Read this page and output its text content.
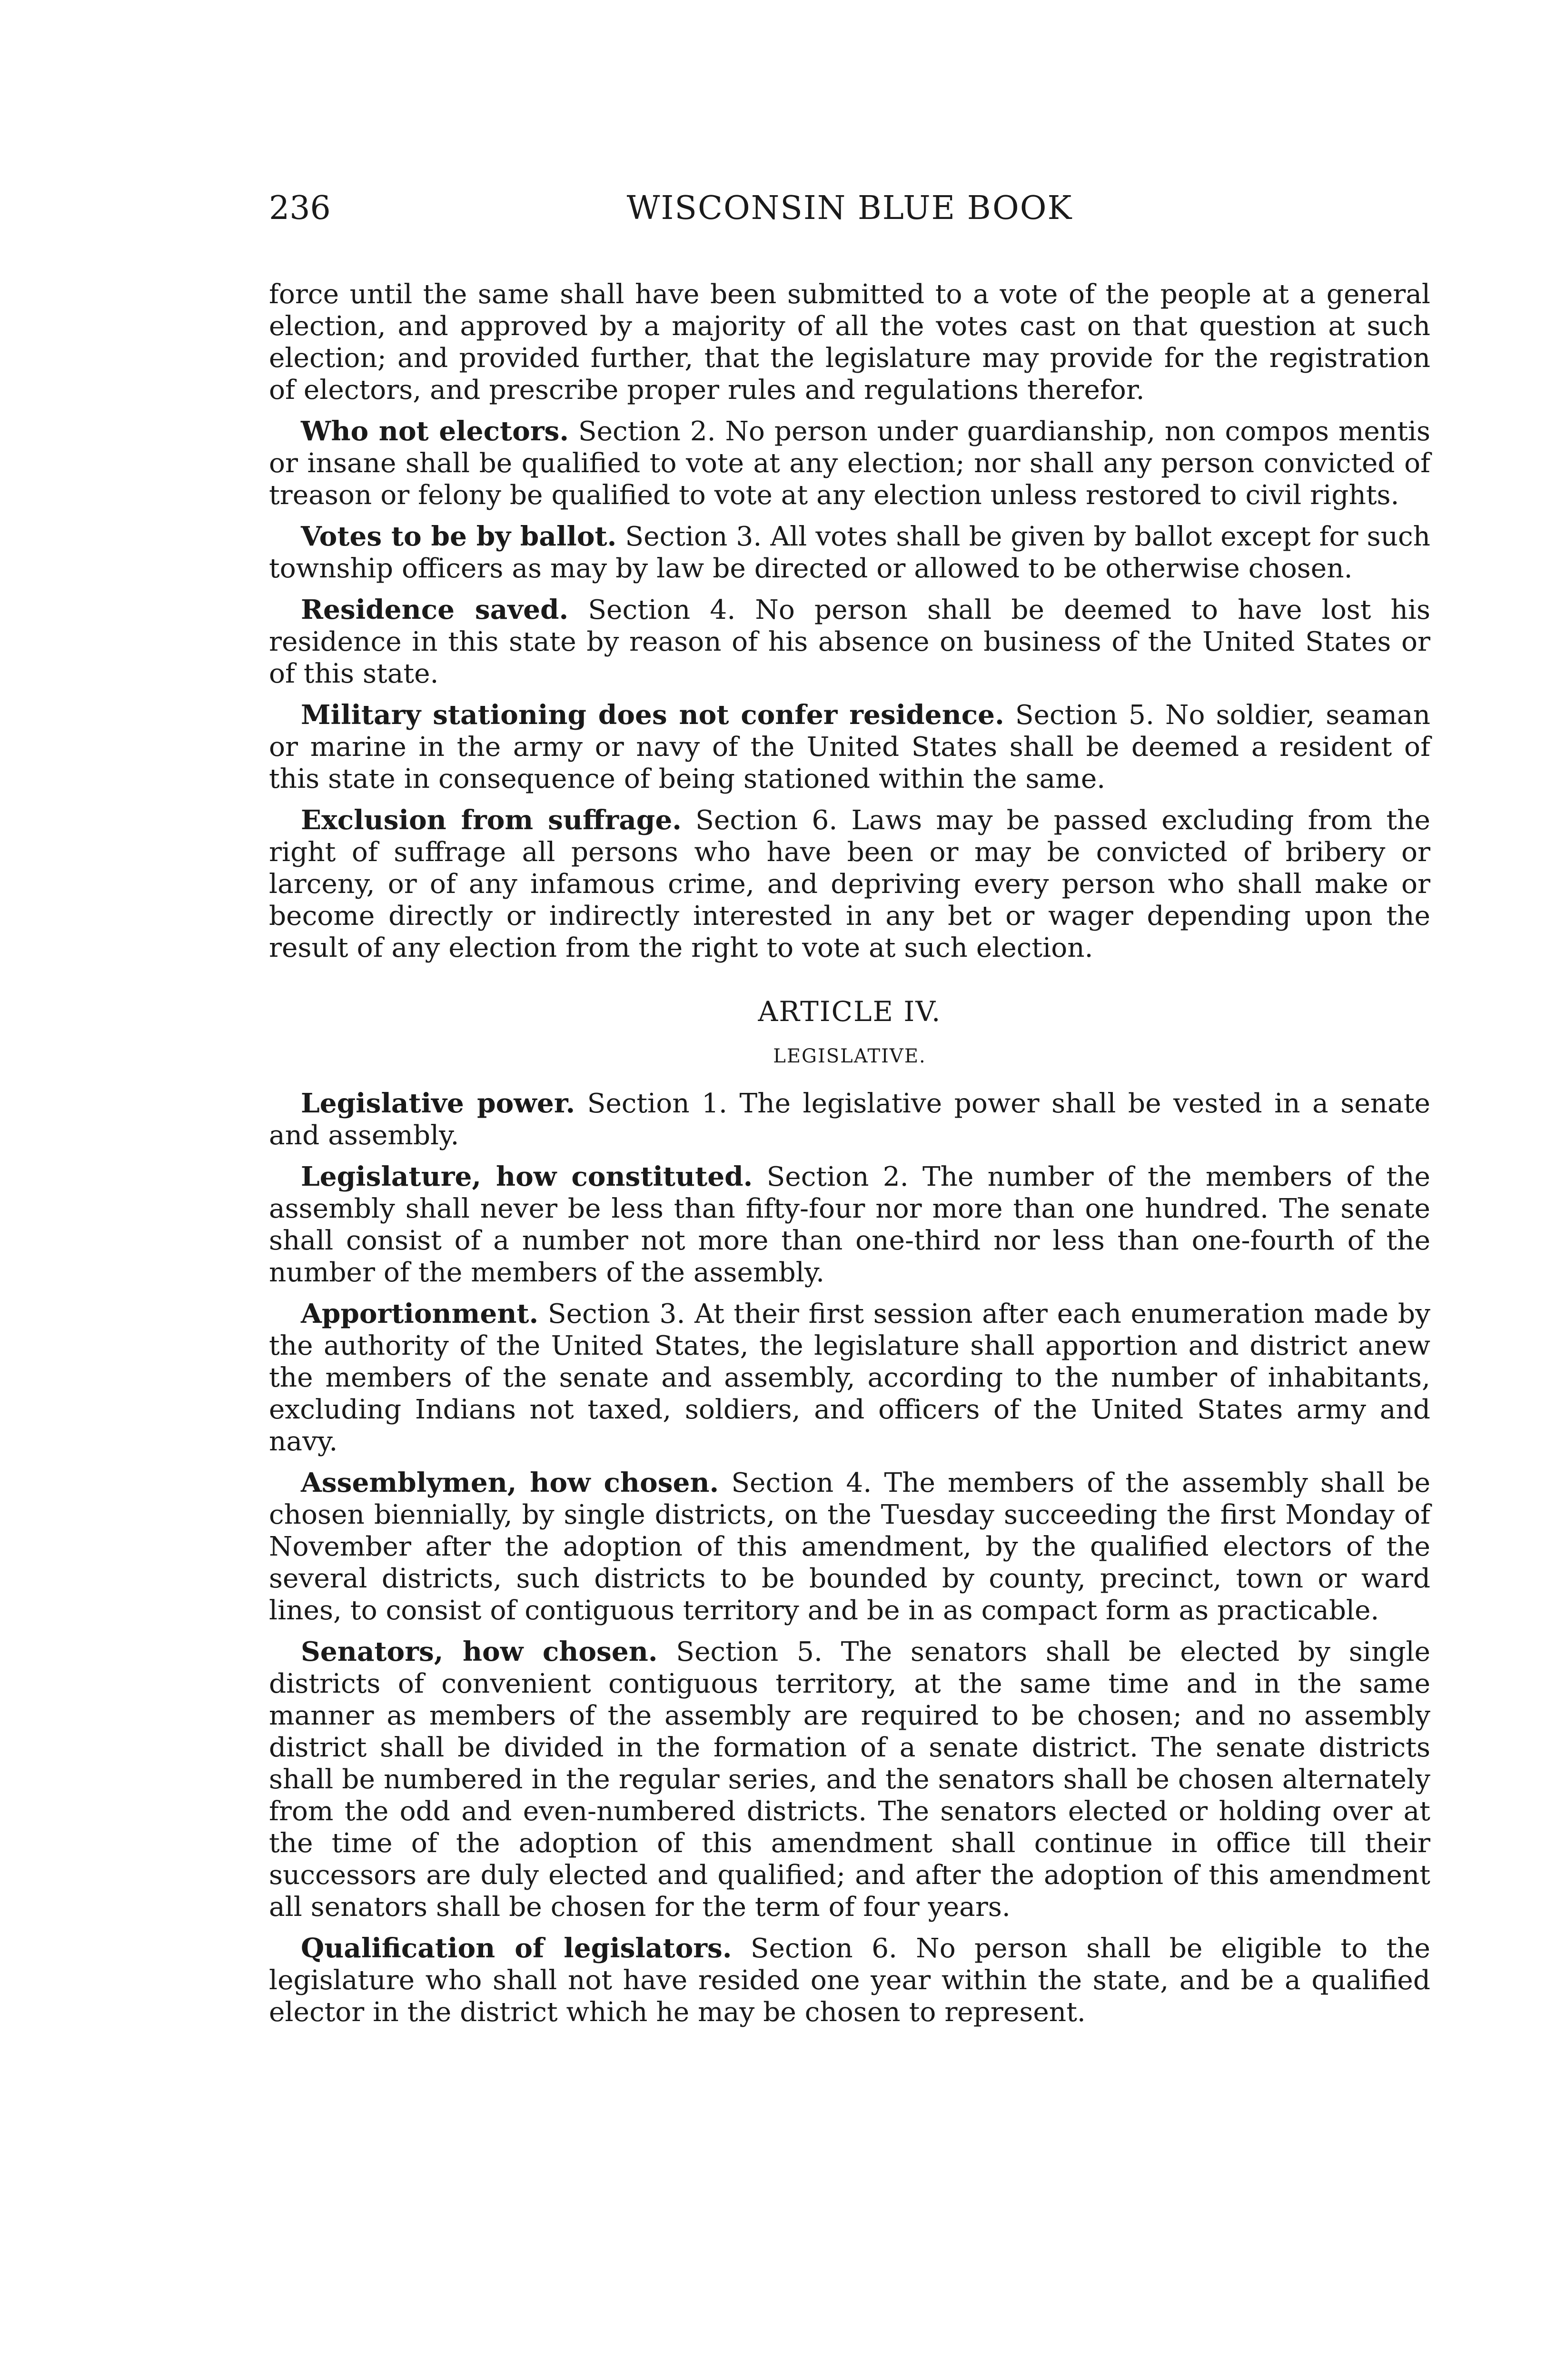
236	WISCONSIN BLUE BOOK

force until the same shall have been submitted to a vote of the people at a general election, and approved by a majority of all the votes cast on that question at such election; and provided further, that the legislature may provide for the registration of electors, and prescribe proper rules and regulations therefor.

Who not electors. Section 2. No person under guardianship, non compos mentis or insane shall be qualified to vote at any election; nor shall any person convicted of treason or felony be qualified to vote at any election unless restored to civil rights.

Votes to be by ballot. Section 3. All votes shall be given by ballot except for such township officers as may by law be directed or allowed to be otherwise chosen.

Residence saved. Section 4. No person shall be deemed to have lost his residence in this state by reason of his absence on business of the United States or of this state.

Military stationing does not confer residence. Section 5. No soldier, seaman or marine in the army or navy of the United States shall be deemed a resident of this state in consequence of being stationed within the same.

Exclusion from suffrage. Section 6. Laws may be passed excluding from the right of suffrage all persons who have been or may be convicted of bribery or larceny, or of any infamous crime, and depriving every person who shall make or become directly or indirectly interested in any bet or wager depending upon the result of any election from the right to vote at such election.

ARTICLE IV.
LEGISLATIVE.

Legislative power. Section 1. The legislative power shall be vested in a senate and assembly.

Legislature, how constituted. Section 2. The number of the members of the assembly shall never be less than fifty-four nor more than one hundred. The senate shall consist of a number not more than one-third nor less than one-fourth of the number of the members of the assembly.

Apportionment. Section 3. At their first session after each enumeration made by the authority of the United States, the legislature shall apportion and district anew the members of the senate and assembly, according to the number of inhabitants, excluding Indians not taxed, soldiers, and officers of the United States army and navy.

Assemblymen, how chosen. Section 4. The members of the assembly shall be chosen biennially, by single districts, on the Tuesday succeeding the first Monday of November after the adoption of this amendment, by the qualified electors of the several districts, such districts to be bounded by county, precinct, town or ward lines, to consist of contiguous territory and be in as compact form as practicable.

Senators, how chosen. Section 5. The senators shall be elected by single districts of convenient contiguous territory, at the same time and in the same manner as members of the assembly are required to be chosen; and no assembly district shall be divided in the formation of a senate district. The senate districts shall be numbered in the regular series, and the senators shall be chosen alternately from the odd and even-numbered districts. The senators elected or holding over at the time of the adoption of this amendment shall continue in office till their successors are duly elected and qualified; and after the adoption of this amendment all senators shall be chosen for the term of four years.

Qualification of legislators. Section 6. No person shall be eligible to the legislature who shall not have resided one year within the state, and be a qualified elector in the district which he may be chosen to represent.
